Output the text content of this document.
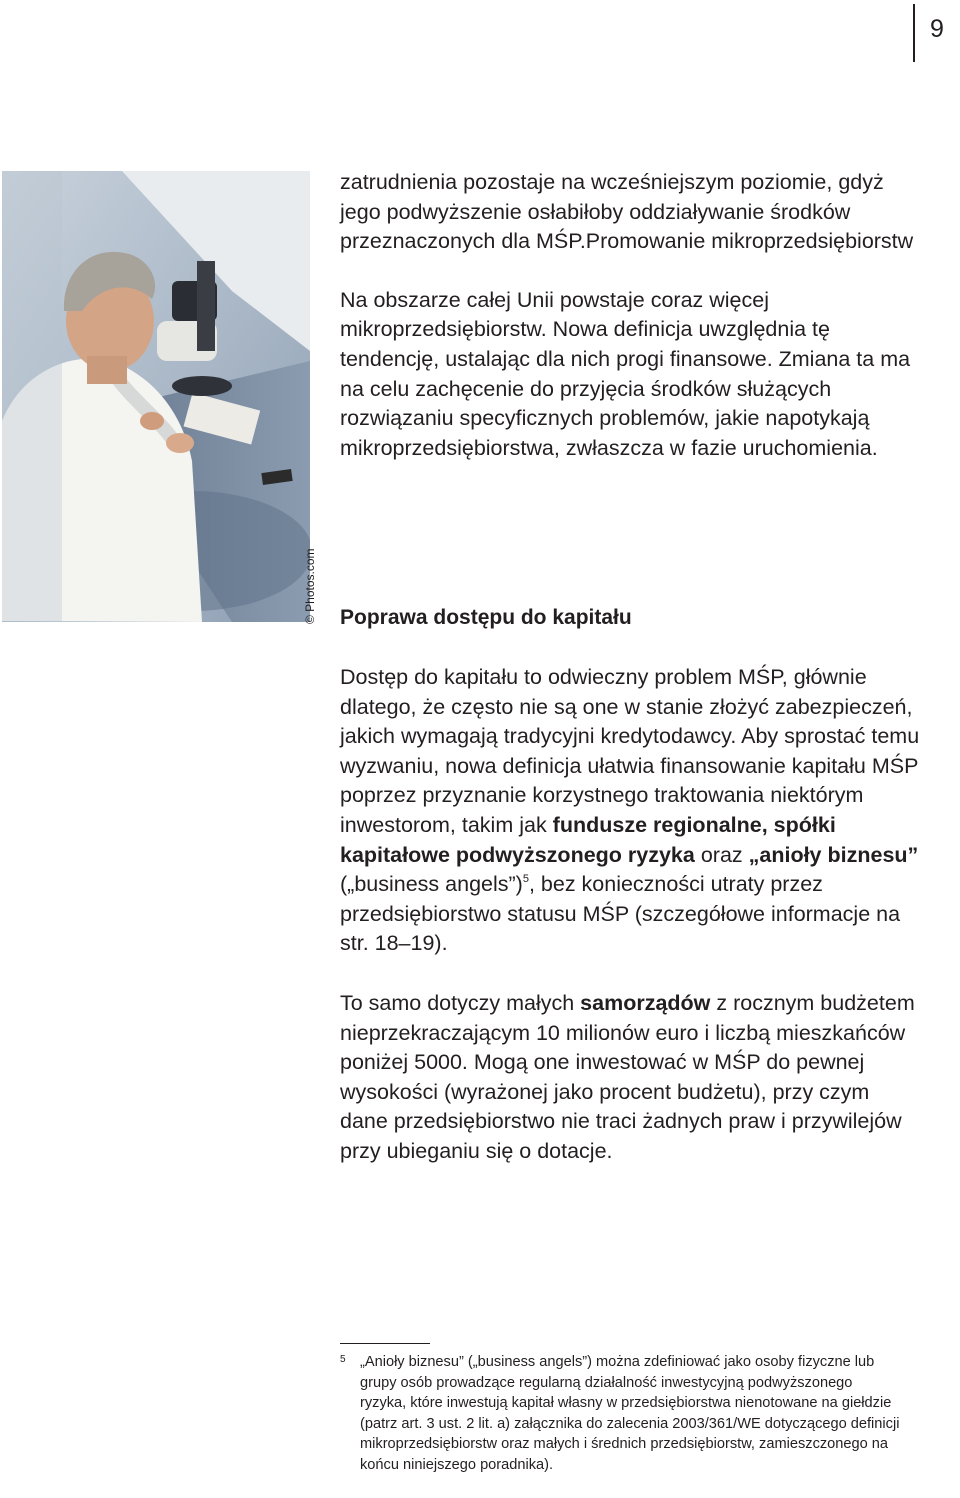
9
© Photos.com

zatrudnienia pozostaje na wcześniejszym poziomie, gdyż jego podwyższenie osłabiłoby oddziaływanie środków przeznaczonych dla MŚP.Promowanie mikroprzedsiębiorstw

Na obszarze całej Unii powstaje coraz więcej mikroprzedsiębiorstw. Nowa definicja uwzględnia tę tendencję, ustalając dla nich progi finansowe. Zmiana ta ma na celu zachęcenie do przyjęcia środków służących rozwiązaniu specyficznych problemów, jakie napotykają mikroprzedsiębiorstwa, zwłaszcza w fazie uruchomienia.

Poprawa dostępu do kapitału

Dostęp do kapitału to odwieczny problem MŚP, głównie dlatego, że często nie są one w stanie złożyć zabezpieczeń, jakich wymagają tradycyjni kredytodawcy. Aby sprostać temu wyzwaniu, nowa definicja ułatwia finansowanie kapitału MŚP poprzez przyznanie korzystnego traktowania niektórym inwestorom, takim jak fundusze regionalne, spółki kapitałowe podwyższonego ryzyka oraz „anioły biznesu” („business angels”)$^5$, bez konieczności utraty przez przedsiębiorstwo statusu MŚP (szczegółowe informacje na str. 18–19).

To samo dotyczy małych samorządów z rocznym budżetem nieprzekraczającym 10 milionów euro i liczbą mieszkańców poniżej 5000. Mogą one inwestować w MŚP do pewnej wysokości (wyrażonej jako procent budżetu), przy czym dane przedsiębiorstwo nie traci żadnych praw i przywilejów przy ubieganiu się o dotacje.

5 „Anioły biznesu” („business angels”) można zdefiniować jako osoby fizyczne lub grupy osób prowadzące regularną działalność inwestycyjną podwyższonego ryzyka, które inwestują kapitał własny w przedsiębiorstwa nienotowane na giełdzie (patrz art. 3 ust. 2 lit. a) załącznika do zalecenia 2003/361/WE dotyczącego definicji mikroprzedsiębiorstw oraz małych i średnich przedsiębiorstw, zamieszczonego na końcu niniejszego poradnika).
